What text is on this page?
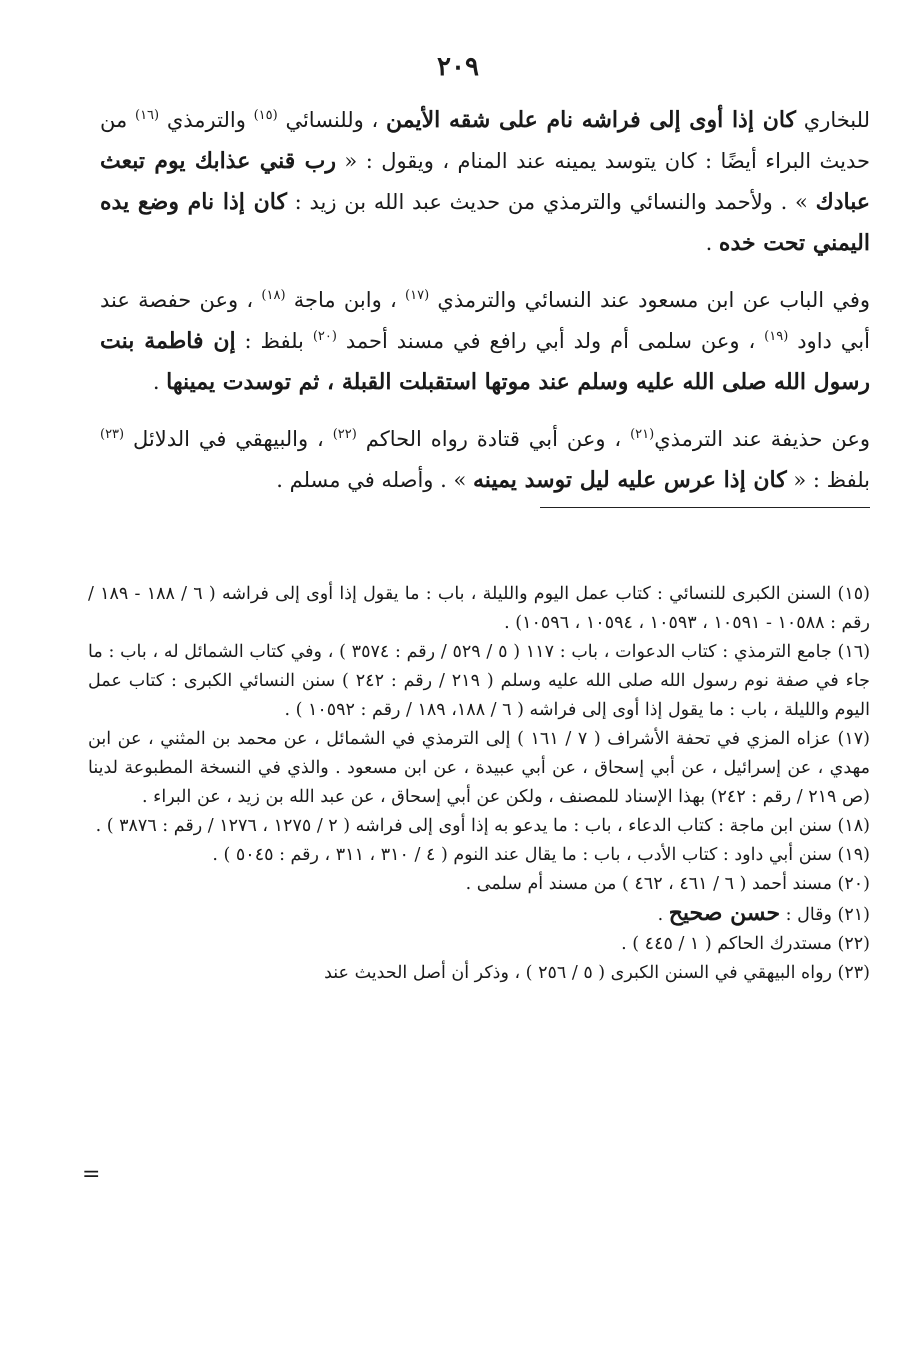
٢٠٩

للبخاري كان إذا أوى إلى فراشه نام على شقه الأيمن ، وللنسائي $^{(١٥)}$ والترمذي $^{(١٦)}$ من حديث البراء أيضًا : كان يتوسد يمينه عند المنام ، ويقول : « رب قني عذابك يوم تبعث عبادك » . ولأحمد والنسائي والترمذي من حديث عبد الله بن زيد : كان إذا نام وضع يده اليمني تحت خده .

وفي الباب عن ابن مسعود عند النسائي والترمذي $^{(١٧)}$ ، وابن ماجة $^{(١٨)}$ ، وعن حفصة عند أبي داود $^{(١٩)}$ ، وعن سلمى أم ولد أبي رافع في مسند أحمد $^{(٢٠)}$ بلفظ : إن فاطمة بنت رسول الله صلى الله عليه وسلم عند موتها استقبلت القبلة ، ثم توسدت يمينها .

وعن حذيفة عند الترمذي$^{(٢١)}$ ، وعن أبي قتادة رواه الحاكم $^{(٢٢)}$ ، والبيهقي في الدلائل $^{(٢٣)}$ بلفظ : « كان إذا عرس عليه ليل توسد يمينه » . وأصله في مسلم .

(١٥) السنن الكبرى للنسائي : كتاب عمل اليوم والليلة ، باب : ما يقول إذا أوى إلى فراشه ( ٦ / ١٨٨ - ١٨٩ / رقم : ١٠٥٨٨ - ١٠٥٩١ ، ١٠٥٩٣ ، ١٠٥٩٤ ، ١٠٥٩٦) .

(١٦) جامع الترمذي : كتاب الدعوات ، باب : ١١٧ ( ٥ / ٥٢٩ / رقم : ٣٥٧٤ ) ، وفي كتاب الشمائل له ، باب : ما جاء في صفة نوم رسول الله صلى الله عليه وسلم ( ٢١٩ / رقم : ٢٤٢ ) سنن النسائي الكبرى : كتاب عمل اليوم والليلة ، باب : ما يقول إذا أوى إلى فراشه ( ٦ / ١٨٨، ١٨٩ / رقم : ١٠٥٩٢ ) .

(١٧) عزاه المزي في تحفة الأشراف ( ٧ / ١٦١ ) إلى الترمذي في الشمائل ، عن محمد بن المثني ، عن ابن مهدي ، عن إسرائيل ، عن أبي إسحاق ، عن أبي عبيدة ، عن ابن مسعود . والذي في النسخة المطبوعة لدينا (ص ٢١٩ / رقم : ٢٤٢) بهذا الإسناد للمصنف ، ولكن عن أبي إسحاق ، عن عبد الله بن زيد ، عن البراء .

(١٨) سنن ابن ماجة : كتاب الدعاء ، باب : ما يدعو به إذا أوى إلى فراشه ( ٢ / ١٢٧٥ ، ١٢٧٦ / رقم : ٣٨٧٦ ) .

(١٩) سنن أبي داود : كتاب الأدب ، باب : ما يقال عند النوم ( ٤ / ٣١٠ ، ٣١١ ، رقم : ٥٠٤٥ ) .

(٢٠) مسند أحمد ( ٦ / ٤٦١ ، ٤٦٢ ) من مسند أم سلمى .

(٢١) وقال : حسن صحيح .

(٢٢) مستدرك الحاكم ( ١ / ٤٤٥ ) .

(٢٣) رواه البيهقي في السنن الكبرى ( ٥ / ٢٥٦ ) ، وذكر أن أصل الحديث عند

=
